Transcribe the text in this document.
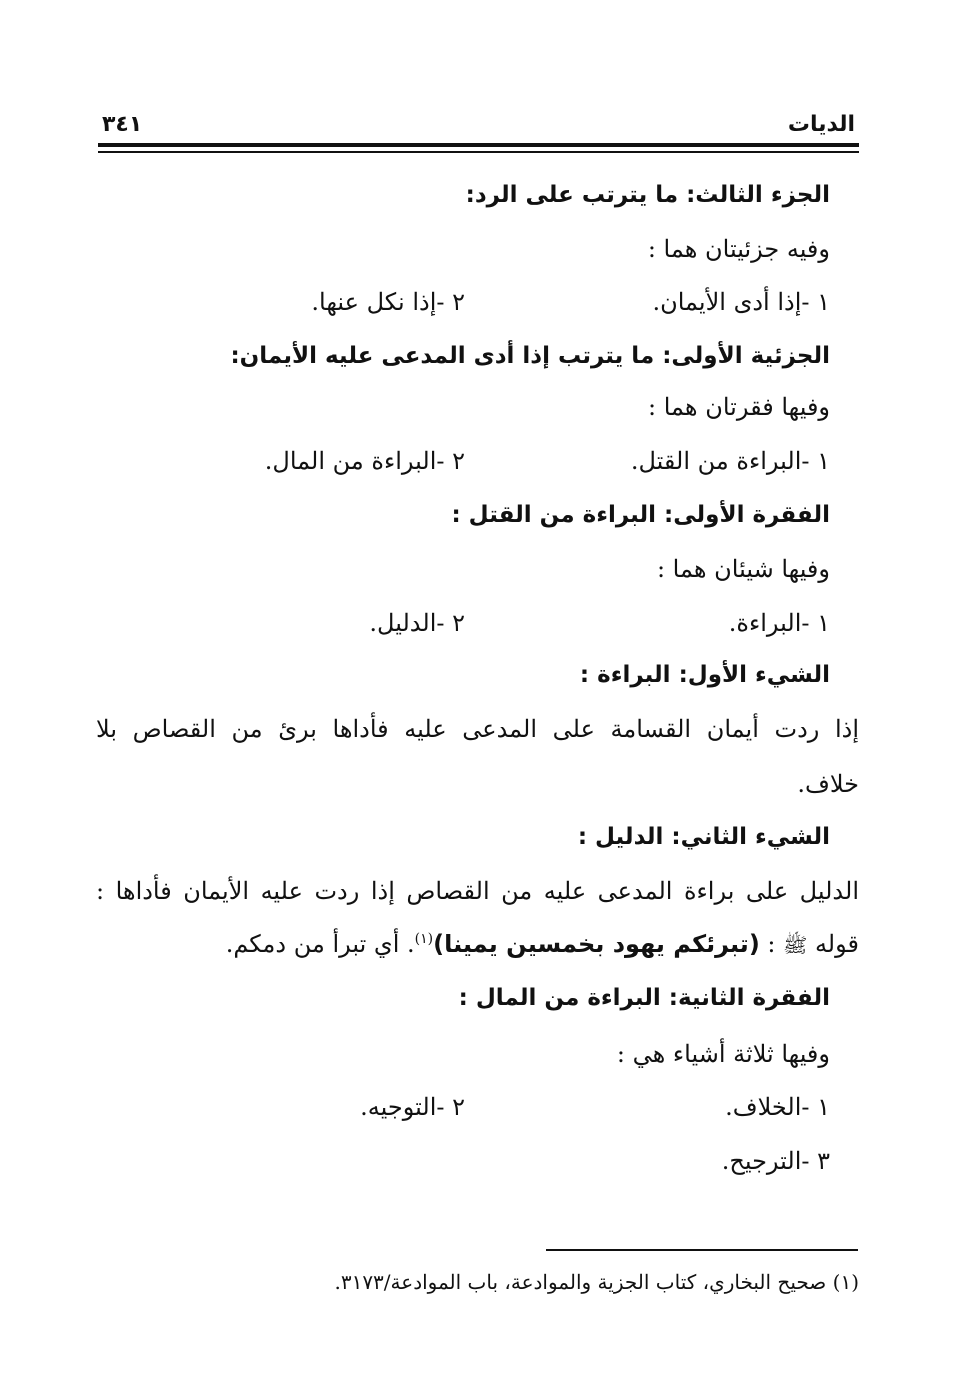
الديات
٣٤١
الجزء الثالث: ما يترتب على الرد:
وفيه جزئيتان هما :
١ -إذا أدى الأيمان.
٢ -إذا نكل عنها.
الجزئية الأولى: ما يترتب إذا أدى المدعى عليه الأيمان:
وفيها فقرتان هما :
١ -البراءة من القتل.
٢ -البراءة من المال.
الفقرة الأولى: البراءة من القتل :
وفيها شيئان هما :
١ -البراءة.
٢ -الدليل.
الشيء الأول: البراءة :
إذا ردت أيمان القسامة على المدعى عليه فأداها برئ من القصاص بلا
خلاف.
الشيء الثاني: الدليل :
الدليل على براءة المدعى عليه من القصاص إذا ردت عليه الأيمان فأداها :
قوله ﷺ : (تبرئكم يهود بخمسين يمينا)$^{(١)}$. أي تبرأ من دمكم.
الفقرة الثانية: البراءة من المال :
وفيها ثلاثة أشياء هي :
١ -الخلاف.
٢ -التوجيه.
٣ -الترجيح.
(١) صحيح البخاري، كتاب الجزية والموادعة، باب الموادعة/٣١٧٣.
